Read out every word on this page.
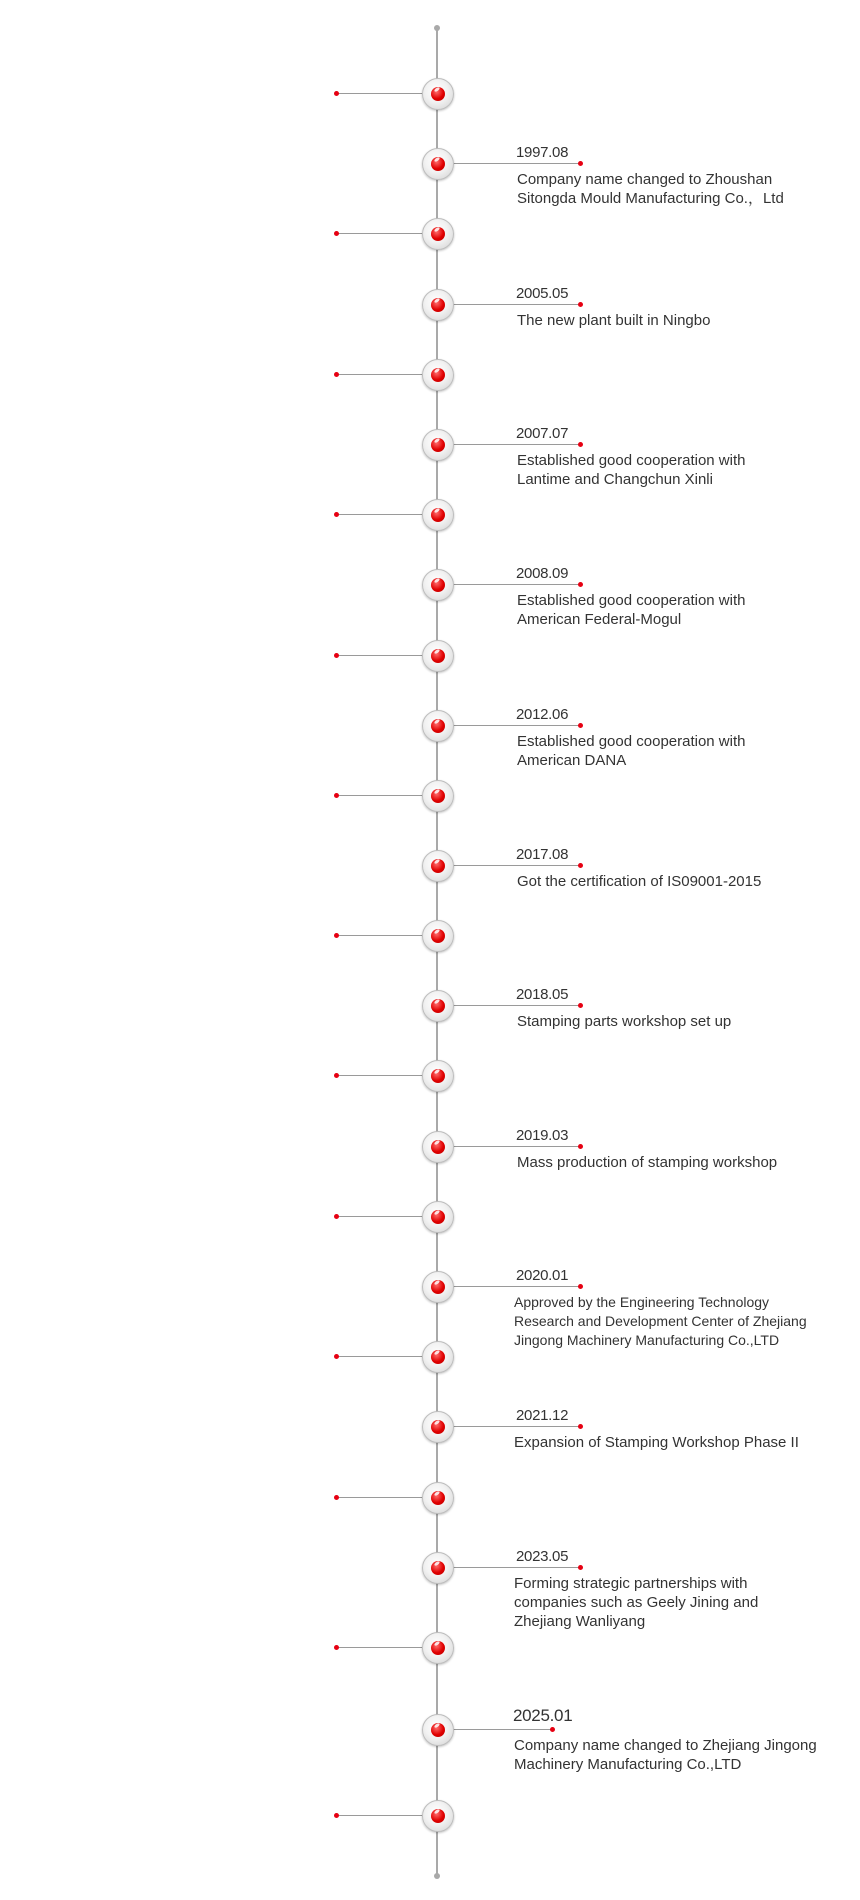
1997.08
Company name changed to Zhoushan
Sitongda Mould Manufacturing Co.，Ltd
2005.05
The new plant built in Ningbo
2007.07
Established good cooperation with
Lantime and Changchun Xinli
2008.09
Established good cooperation with
American Federal-Mogul
2012.06
Established good cooperation with
American DANA
2017.08
Got the certification of IS09001-2015
2018.05
Stamping parts workshop set up
2019.03
Mass production of stamping workshop
2020.01
Approved by the Engineering Technology
Research and Development Center of Zhejiang
Jingong Machinery Manufacturing Co.,LTD
2021.12
Expansion of Stamping Workshop Phase II
2023.05
Forming strategic partnerships with
companies such as Geely Jining and
Zhejiang Wanliyang
2025.01
Company name changed to Zhejiang Jingong
Machinery Manufacturing Co.,LTD
